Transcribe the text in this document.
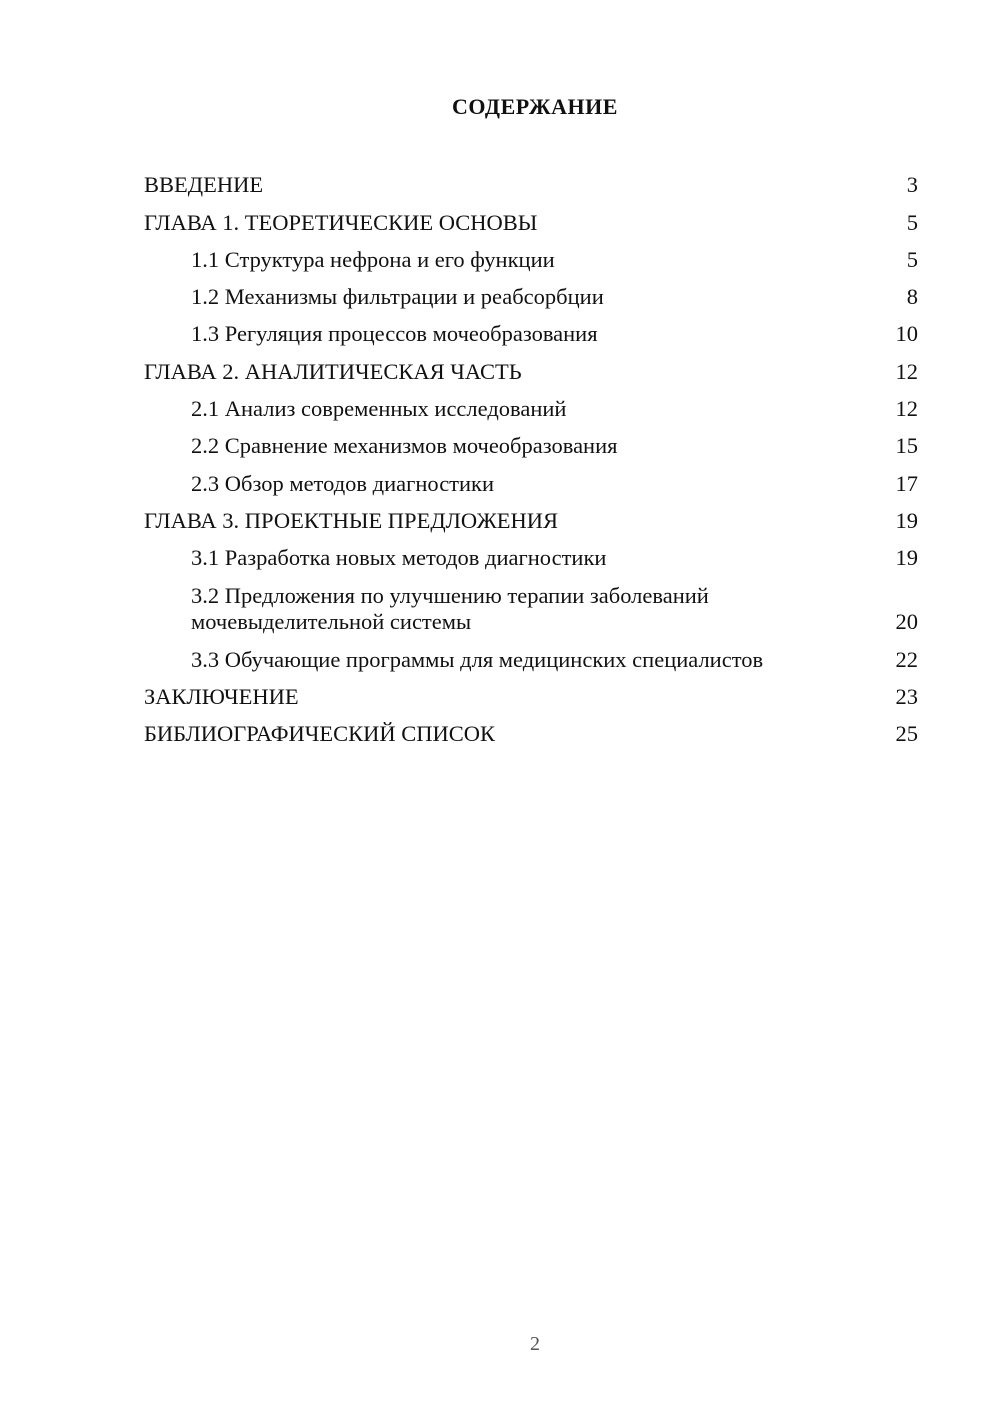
СОДЕРЖАНИЕ
ВВЕДЕНИЕ	3
ГЛАВА 1. ТЕОРЕТИЧЕСКИЕ ОСНОВЫ	5
1.1 Структура нефрона и его функции	5
1.2 Механизмы фильтрации и реабсорбции	8
1.3 Регуляция процессов мочеобразования	10
ГЛАВА 2. АНАЛИТИЧЕСКАЯ ЧАСТЬ	12
2.1 Анализ современных исследований	12
2.2 Сравнение механизмов мочеобразования	15
2.3 Обзор методов диагностики	17
ГЛАВА 3. ПРОЕКТНЫЕ ПРЕДЛОЖЕНИЯ	19
3.1 Разработка новых методов диагностики	19
3.2 Предложения по улучшению терапии заболеваний мочевыделительной системы	20
3.3 Обучающие программы для медицинских специалистов	22
ЗАКЛЮЧЕНИЕ	23
БИБЛИОГРАФИЧЕСКИЙ СПИСОК	25
2
